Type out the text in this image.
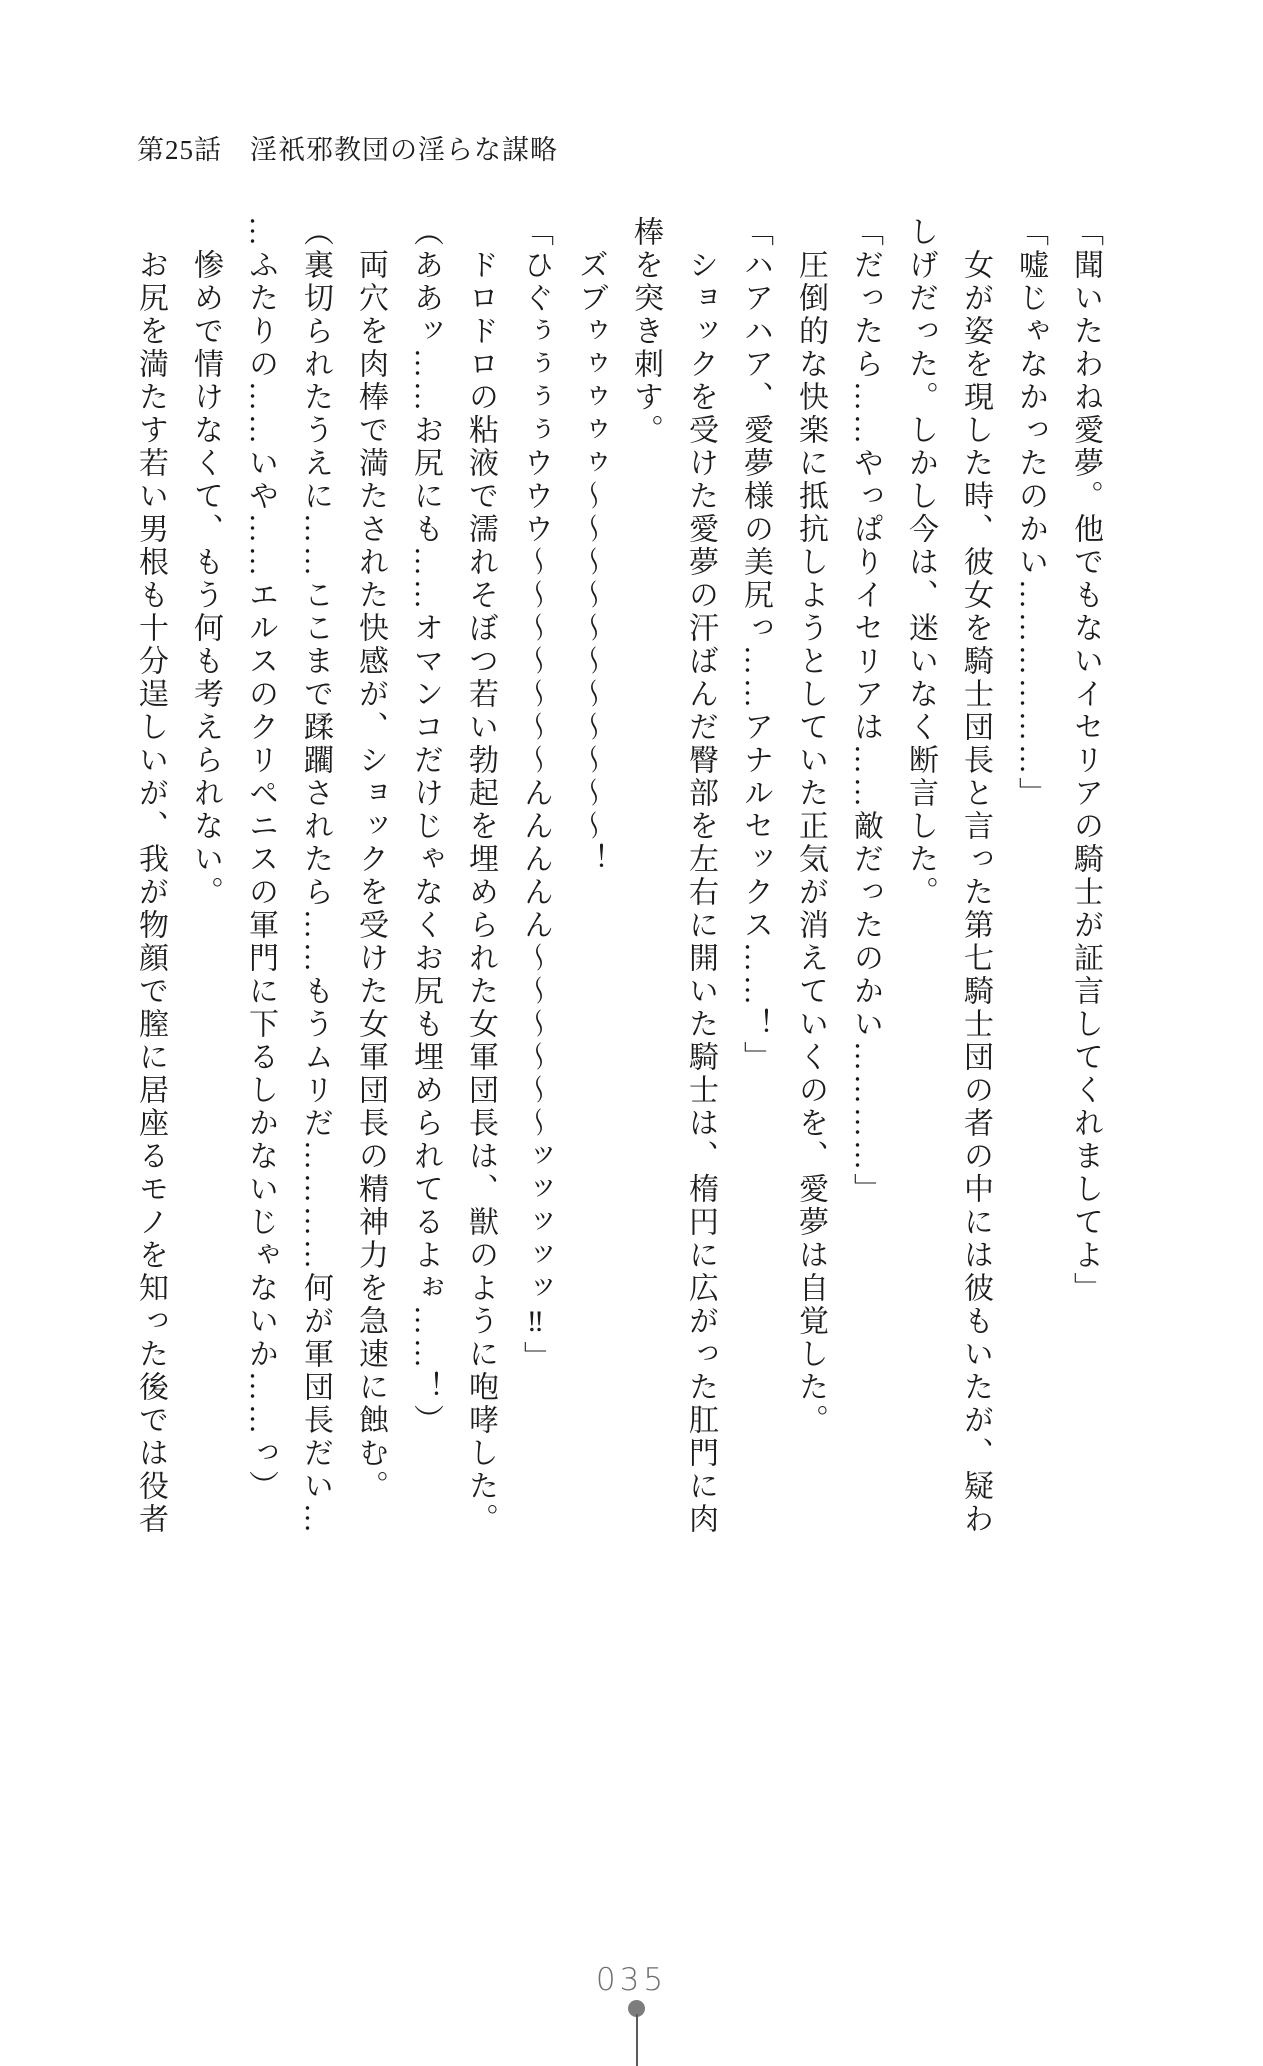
第25話　淫祇邪教団の淫らな謀略

「聞いたわね愛夢。他でもないイセリアの騎士が証言してくれましてよ」

「嘘じゃなかったのかい………………」

女が姿を現した時、彼女を騎士団長と言った第七騎士団の者の中には彼もいたが、疑わ

しげだった。しかし今は、迷いなく断言した。

「だったら……やっぱりイセリアは……敵だったのかい…………」

圧倒的な快楽に抵抗しようとしていた正気が消えていくのを、愛夢は自覚した。

「ハアハア、愛夢様の美尻っ……アナルセックス……！」

ショックを受けた愛夢の汗ばんだ臀部を左右に開いた騎士は、楕円に広がった肛門に肉

棒を突き刺す。

ズブゥゥゥゥゥ〜〜〜〜〜〜〜〜〜〜〜！

「ひぐぅぅぅぅウウウ〜〜〜〜〜〜〜んんんんん〜〜〜〜〜〜ッッッッッ‼」

ドロドロの粘液で濡れそぼつ若い勃起を埋められた女軍団長は、獣のように咆哮した。

（ああッ……お尻にも……オマンコだけじゃなくお尻も埋められてるよぉ……！）

両穴を肉棒で満たされた快感が、ショックを受けた女軍団長の精神力を急速に蝕む。

（裏切られたうえに……ここまで蹂躙されたら……もうムリだ…………何が軍団長だい…

…ふたりの……いや……エルスのクリペニスの軍門に下るしかないじゃないか……っ）

惨めで情けなくて、もう何も考えられない。

お尻を満たす若い男根も十分逞しいが、我が物顔で膣に居座るモノを知った後では役者

035
